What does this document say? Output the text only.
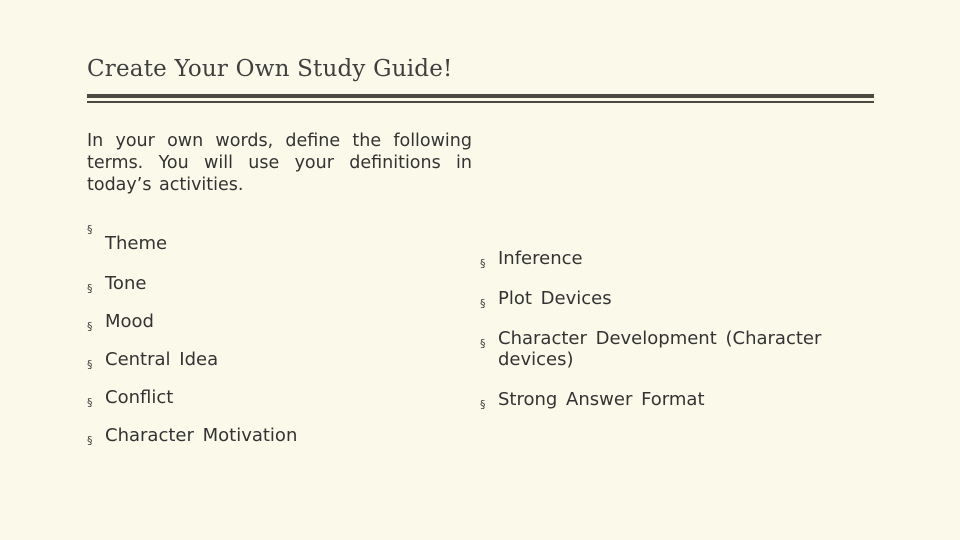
Create Your Own Study Guide!
In your own words, define the following terms. You will use your definitions in today’s activities.
§
Theme
§ Tone
§ Mood
§ Central Idea
§ Conflict
§ Character Motivation
§ Inference
§ Plot Devices
§ Character Development (Character devices)
§ Strong Answer Format
